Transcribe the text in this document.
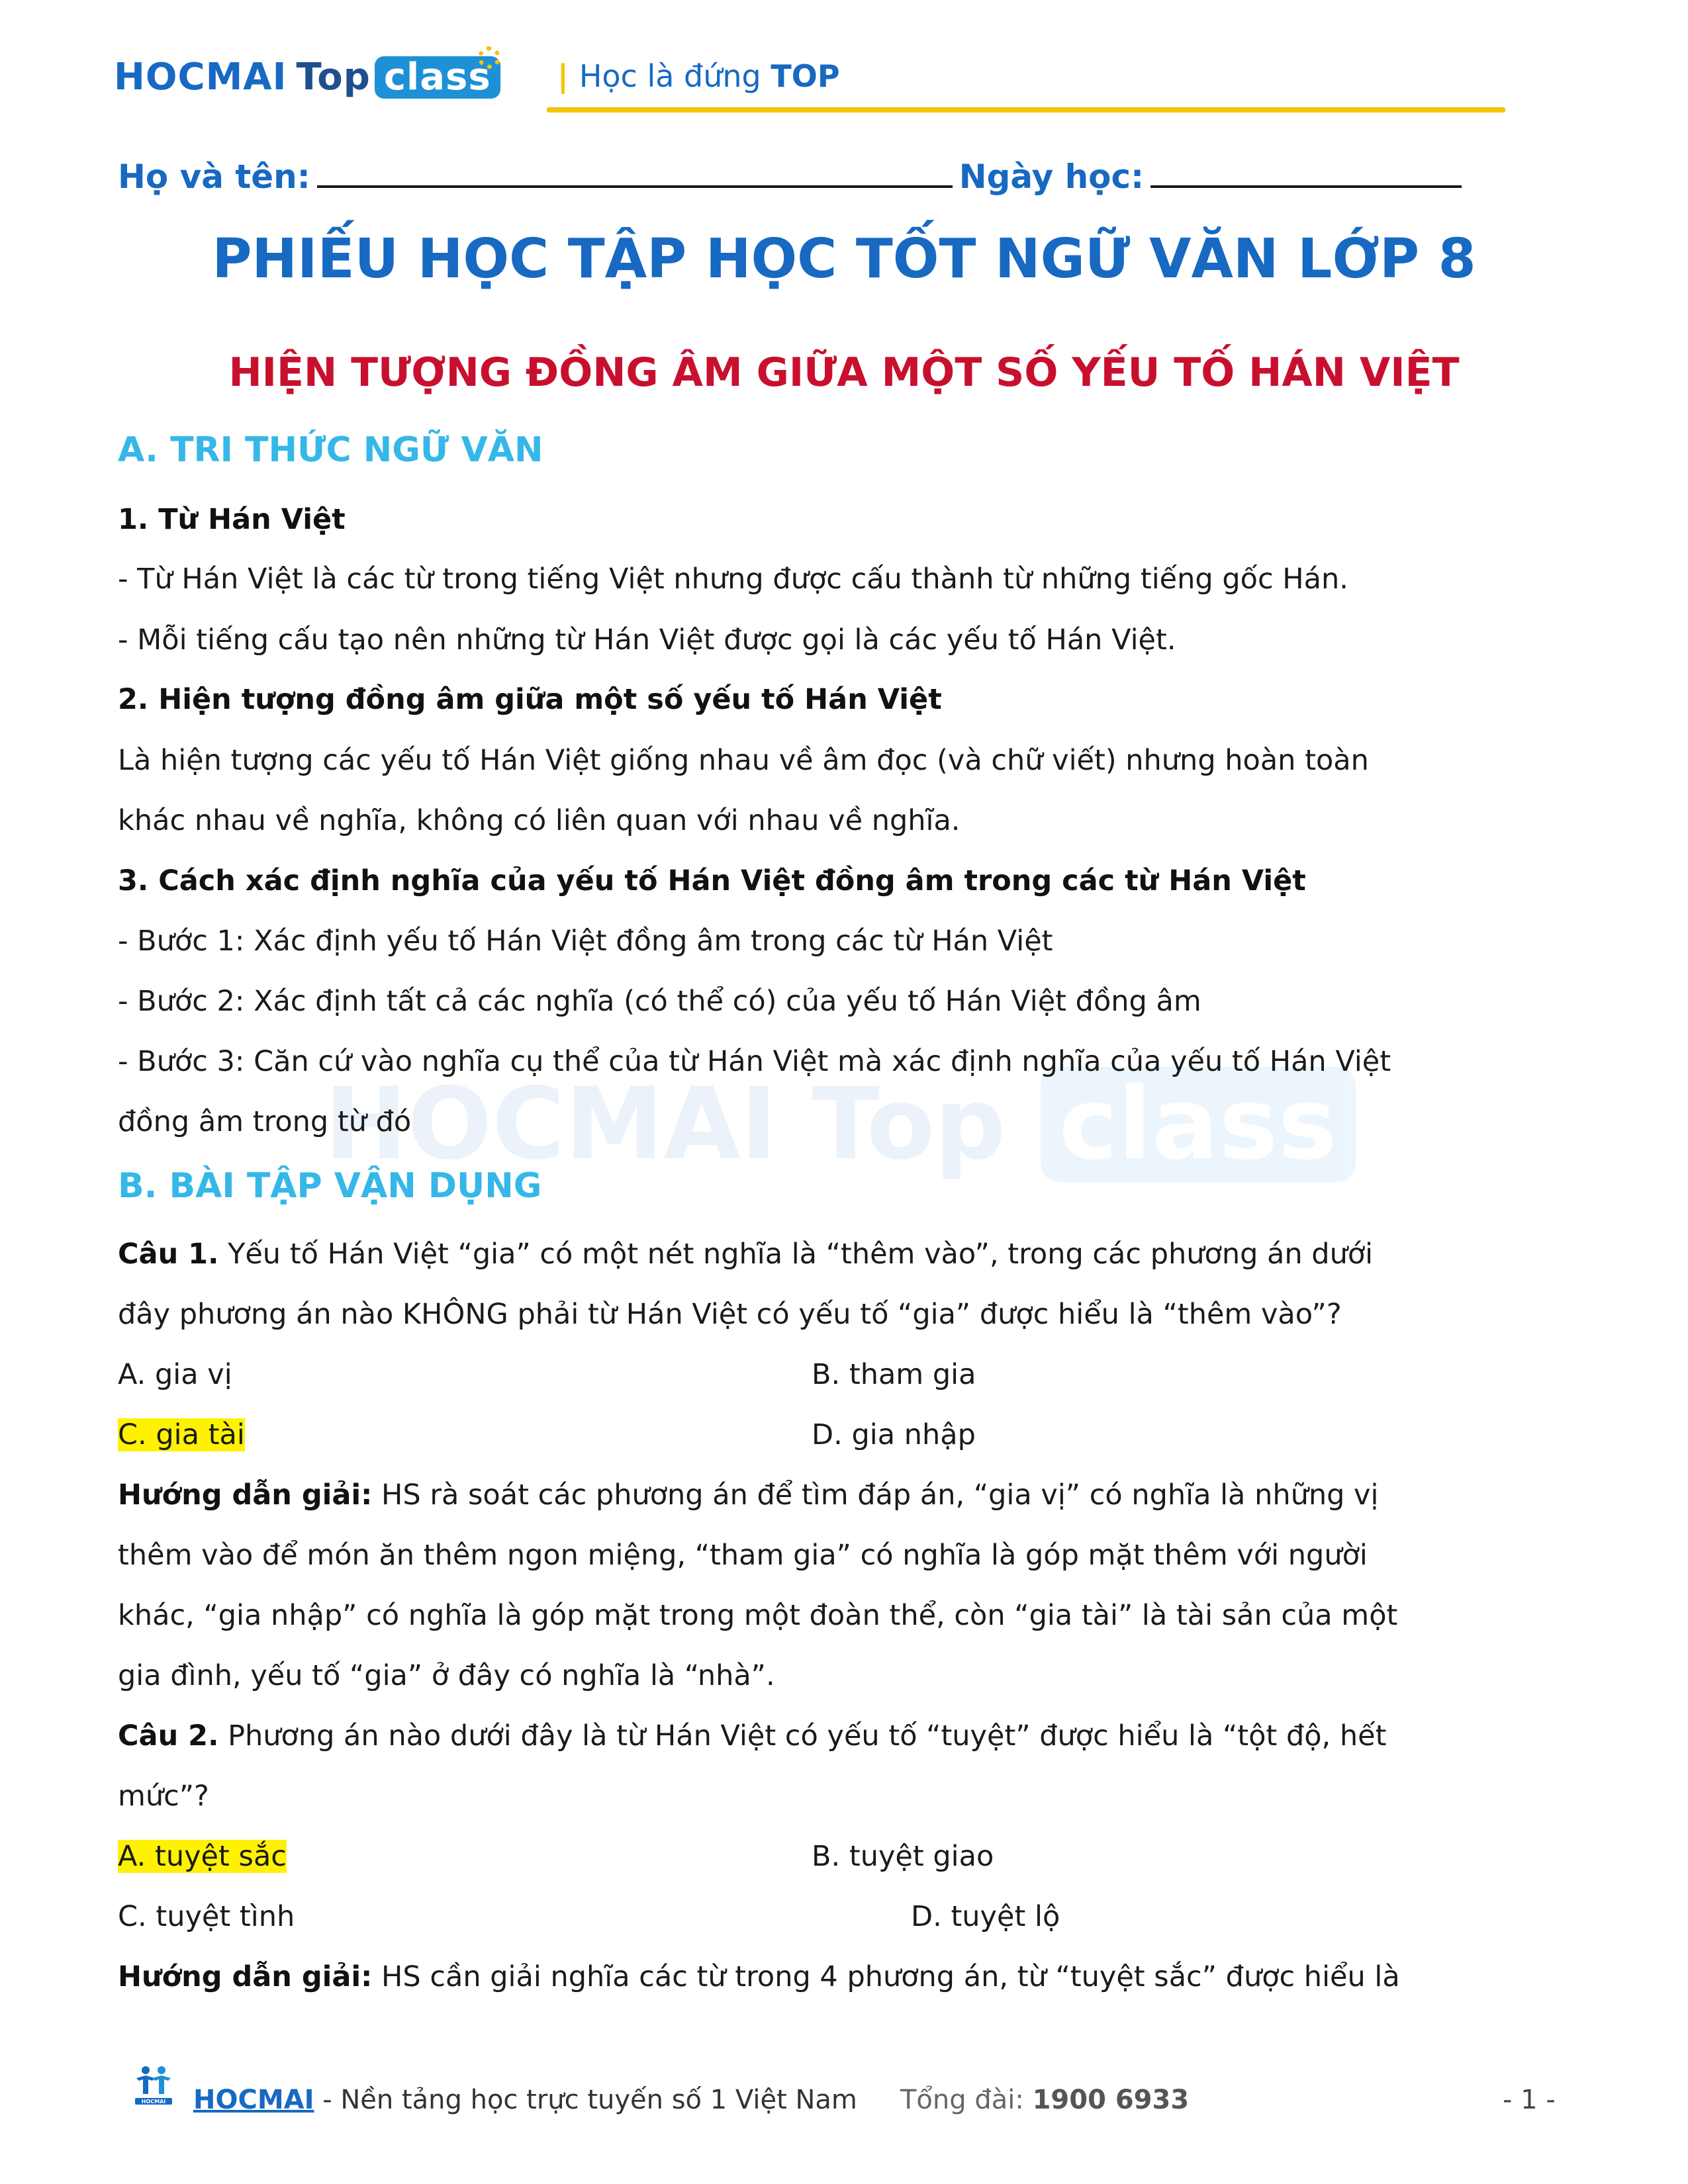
HOCMAI Top class	| Học là đứng TOP
Họ và tên:	Ngày học:
PHIẾU HỌC TẬP HỌC TỐT NGỮ VĂN LỚP 8
HIỆN TƯỢNG ĐỒNG ÂM GIỮA MỘT SỐ YẾU TỐ HÁN VIỆT
HOCMAI Top class
A. TRI THỨC NGỮ VĂN
1. Từ Hán Việt
- Từ Hán Việt là các từ trong tiếng Việt nhưng được cấu thành từ những tiếng gốc Hán.
- Mỗi tiếng cấu tạo nên những từ Hán Việt được gọi là các yếu tố Hán Việt.
2. Hiện tượng đồng âm giữa một số yếu tố Hán Việt
Là hiện tượng các yếu tố Hán Việt giống nhau về âm đọc (và chữ viết) nhưng hoàn toàn
khác nhau về nghĩa, không có liên quan với nhau về nghĩa.
3. Cách xác định nghĩa của yếu tố Hán Việt đồng âm trong các từ Hán Việt
- Bước 1: Xác định yếu tố Hán Việt đồng âm trong các từ Hán Việt
- Bước 2: Xác định tất cả các nghĩa (có thể có) của yếu tố Hán Việt đồng âm
- Bước 3: Căn cứ vào nghĩa cụ thể của từ Hán Việt mà xác định nghĩa của yếu tố Hán Việt
đồng âm trong từ đó
B. BÀI TẬP VẬN DỤNG
Câu 1. Yếu tố Hán Việt “gia” có một nét nghĩa là “thêm vào”, trong các phương án dưới
đây phương án nào KHÔNG phải từ Hán Việt có yếu tố “gia” được hiểu là “thêm vào”?
A. gia vị	B. tham gia
C. gia tài	D. gia nhập
Hướng dẫn giải: HS rà soát các phương án để tìm đáp án, “gia vị” có nghĩa là những vị
thêm vào để món ăn thêm ngon miệng, “tham gia” có nghĩa là góp mặt thêm với người
khác, “gia nhập” có nghĩa là góp mặt trong một đoàn thể, còn “gia tài” là tài sản của một
gia đình, yếu tố “gia” ở đây có nghĩa là “nhà”.
Câu 2. Phương án nào dưới đây là từ Hán Việt có yếu tố “tuyệt” được hiểu là “tột độ, hết
mức”?
A. tuyệt sắc	B. tuyệt giao
C. tuyệt tình	D. tuyệt lộ
Hướng dẫn giải: HS cần giải nghĩa các từ trong 4 phương án, từ “tuyệt sắc” được hiểu là
HOCMAI HOCMAI - Nền tảng học trực tuyến số 1 Việt Nam Tổng đài: 1900 6933	- 1 -
